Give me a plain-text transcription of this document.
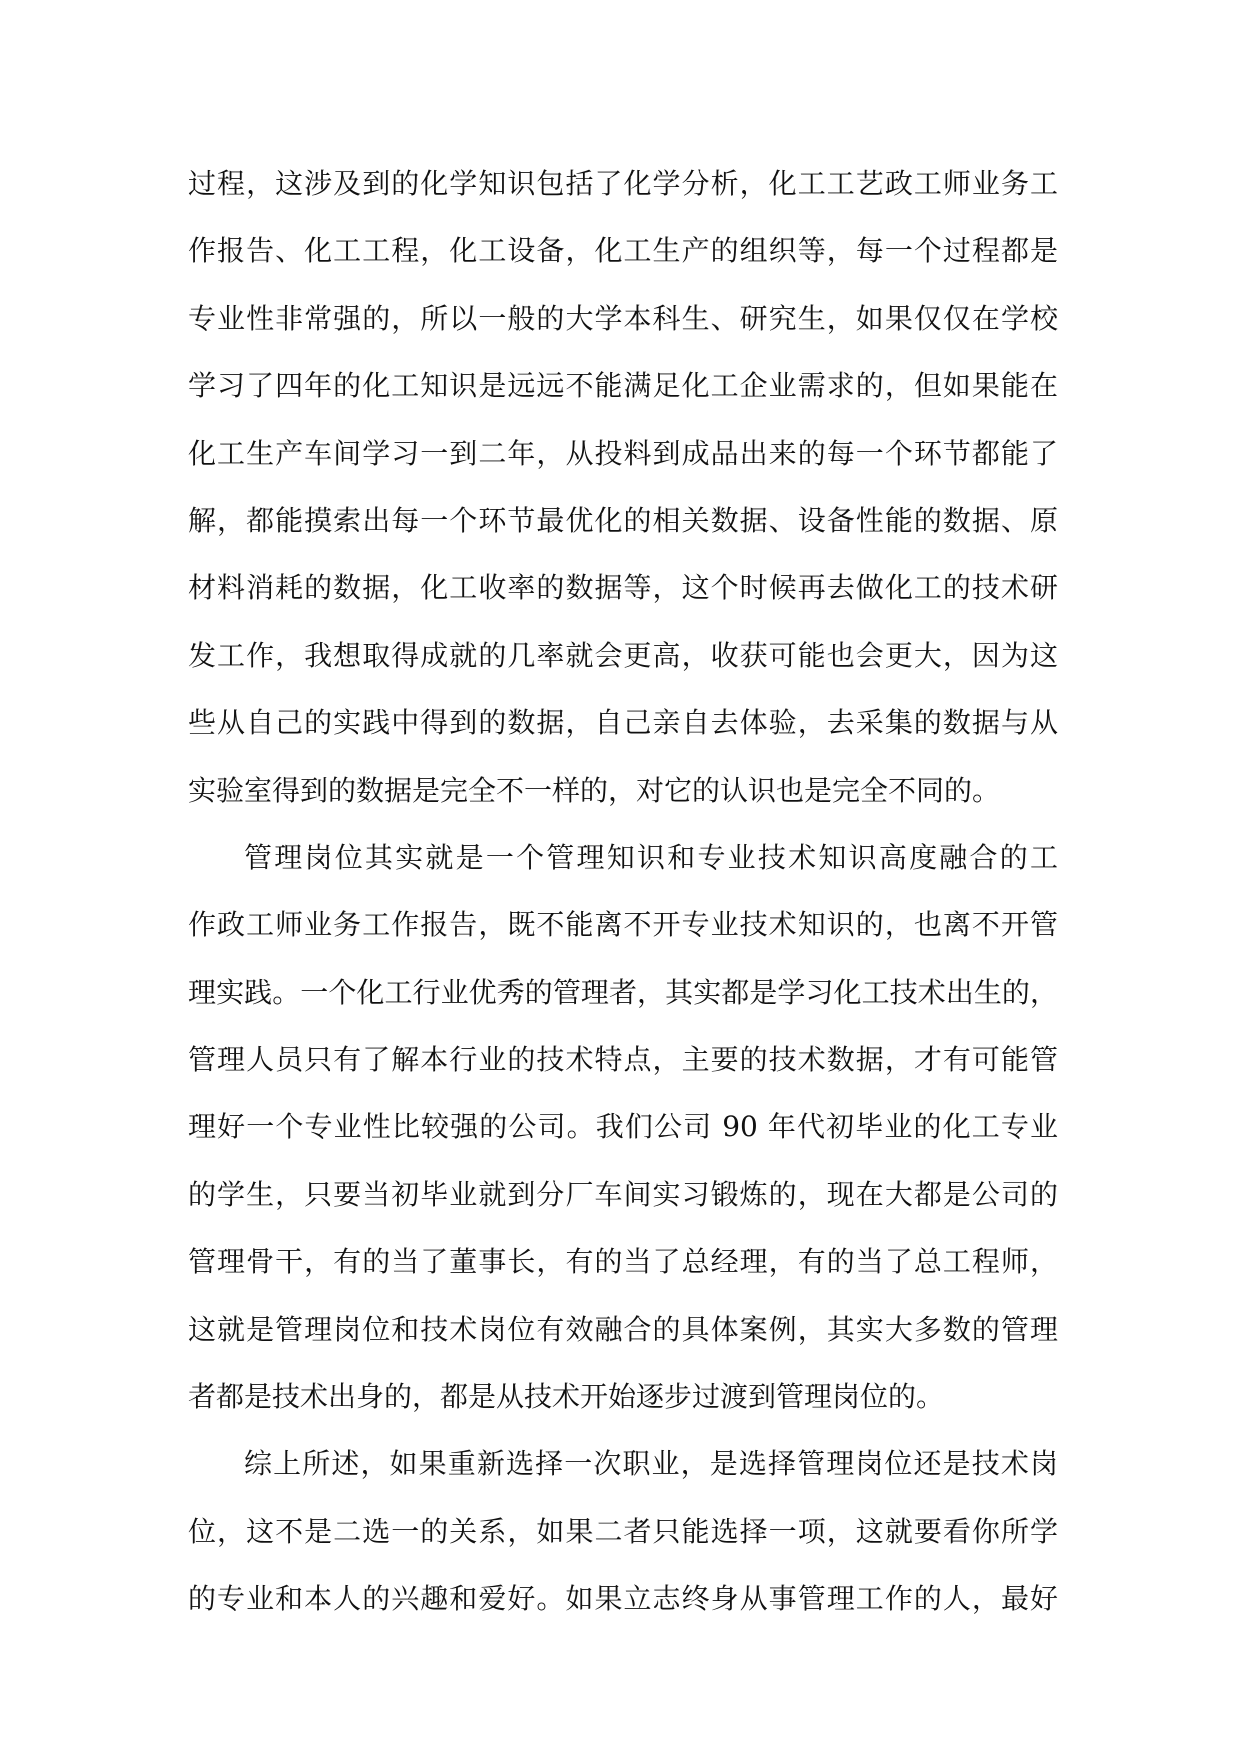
过程，这涉及到的化学知识包括了化学分析，化工工艺政工师业务工
作报告、化工工程，化工设备，化工生产的组织等，每一个过程都是
专业性非常强的，所以一般的大学本科生、研究生，如果仅仅在学校
学习了四年的化工知识是远远不能满足化工企业需求的，但如果能在
化工生产车间学习一到二年，从投料到成品出来的每一个环节都能了
解，都能摸索出每一个环节最优化的相关数据、设备性能的数据、原
材料消耗的数据，化工收率的数据等，这个时候再去做化工的技术研
发工作，我想取得成就的几率就会更高，收获可能也会更大，因为这
些从自己的实践中得到的数据，自己亲自去体验，去采集的数据与从
实验室得到的数据是完全不一样的，对它的认识也是完全不同的。
管理岗位其实就是一个管理知识和专业技术知识高度融合的工
作政工师业务工作报告，既不能离不开专业技术知识的，也离不开管
理实践。一个化工行业优秀的管理者，其实都是学习化工技术出生的，
管理人员只有了解本行业的技术特点，主要的技术数据，才有可能管
理好一个专业性比较强的公司。我们公司 90 年代初毕业的化工专业
的学生，只要当初毕业就到分厂车间实习锻炼的，现在大都是公司的
管理骨干，有的当了董事长，有的当了总经理，有的当了总工程师，
这就是管理岗位和技术岗位有效融合的具体案例，其实大多数的管理
者都是技术出身的，都是从技术开始逐步过渡到管理岗位的。
综上所述，如果重新选择一次职业，是选择管理岗位还是技术岗
位，这不是二选一的关系，如果二者只能选择一项，这就要看你所学
的专业和本人的兴趣和爱好。如果立志终身从事管理工作的人，最好
